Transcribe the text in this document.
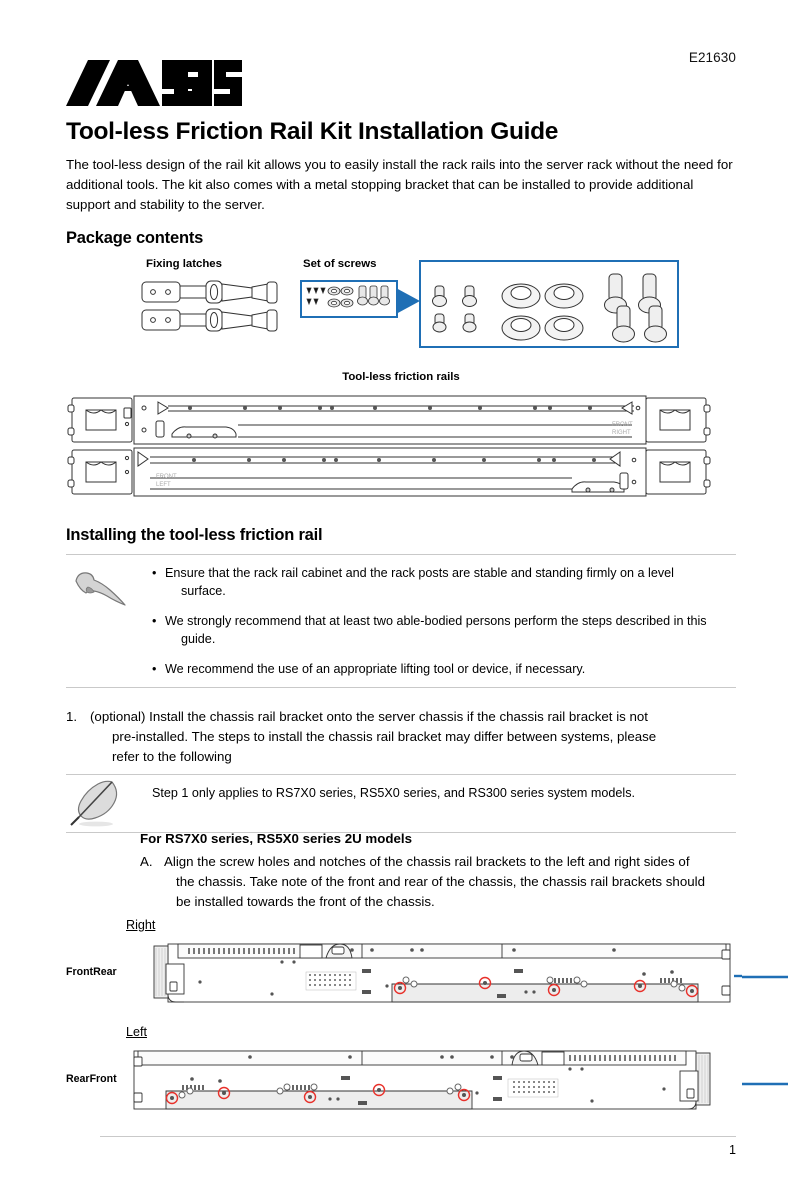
E21630
Tool-less Friction Rail Kit Installation Guide
The tool-less design of the rail kit allows you to easily install the rack rails into the server rack without the need for additional tools. The kit also comes with a metal stopping bracket that can be installed to provide additional support and stability to the server.
Package contents
Fixing latches	Set of screws
Tool-less friction rails
FRONT
RIGHT
FRONT
LEFT
Installing the tool-less friction rail
• Ensure that the rack rail cabinet and the rack posts are stable and standing firmly on a level
surface.
• We strongly recommend that at least two able-bodied persons perform the steps described in this
guide.
• We recommend the use of an appropriate lifting tool or device, if necessary.
1. (optional) Install the chassis rail bracket onto the server chassis if the chassis rail bracket is not
pre-installed. The steps to install the chassis rail bracket may differ between systems, please
refer to the following
Step 1 only applies to RS7X0 series, RS5X0 series, and RS300 series system models.
For RS7X0 series, RS5X0 series 2U models
A. Align the screw holes and notches of the chassis rail brackets to the left and right sides of
the chassis. Take note of the front and rear of the chassis, the chassis rail brackets should
be installed towards the front of the chassis.
Right
FrontRear
Left
RearFront
1
